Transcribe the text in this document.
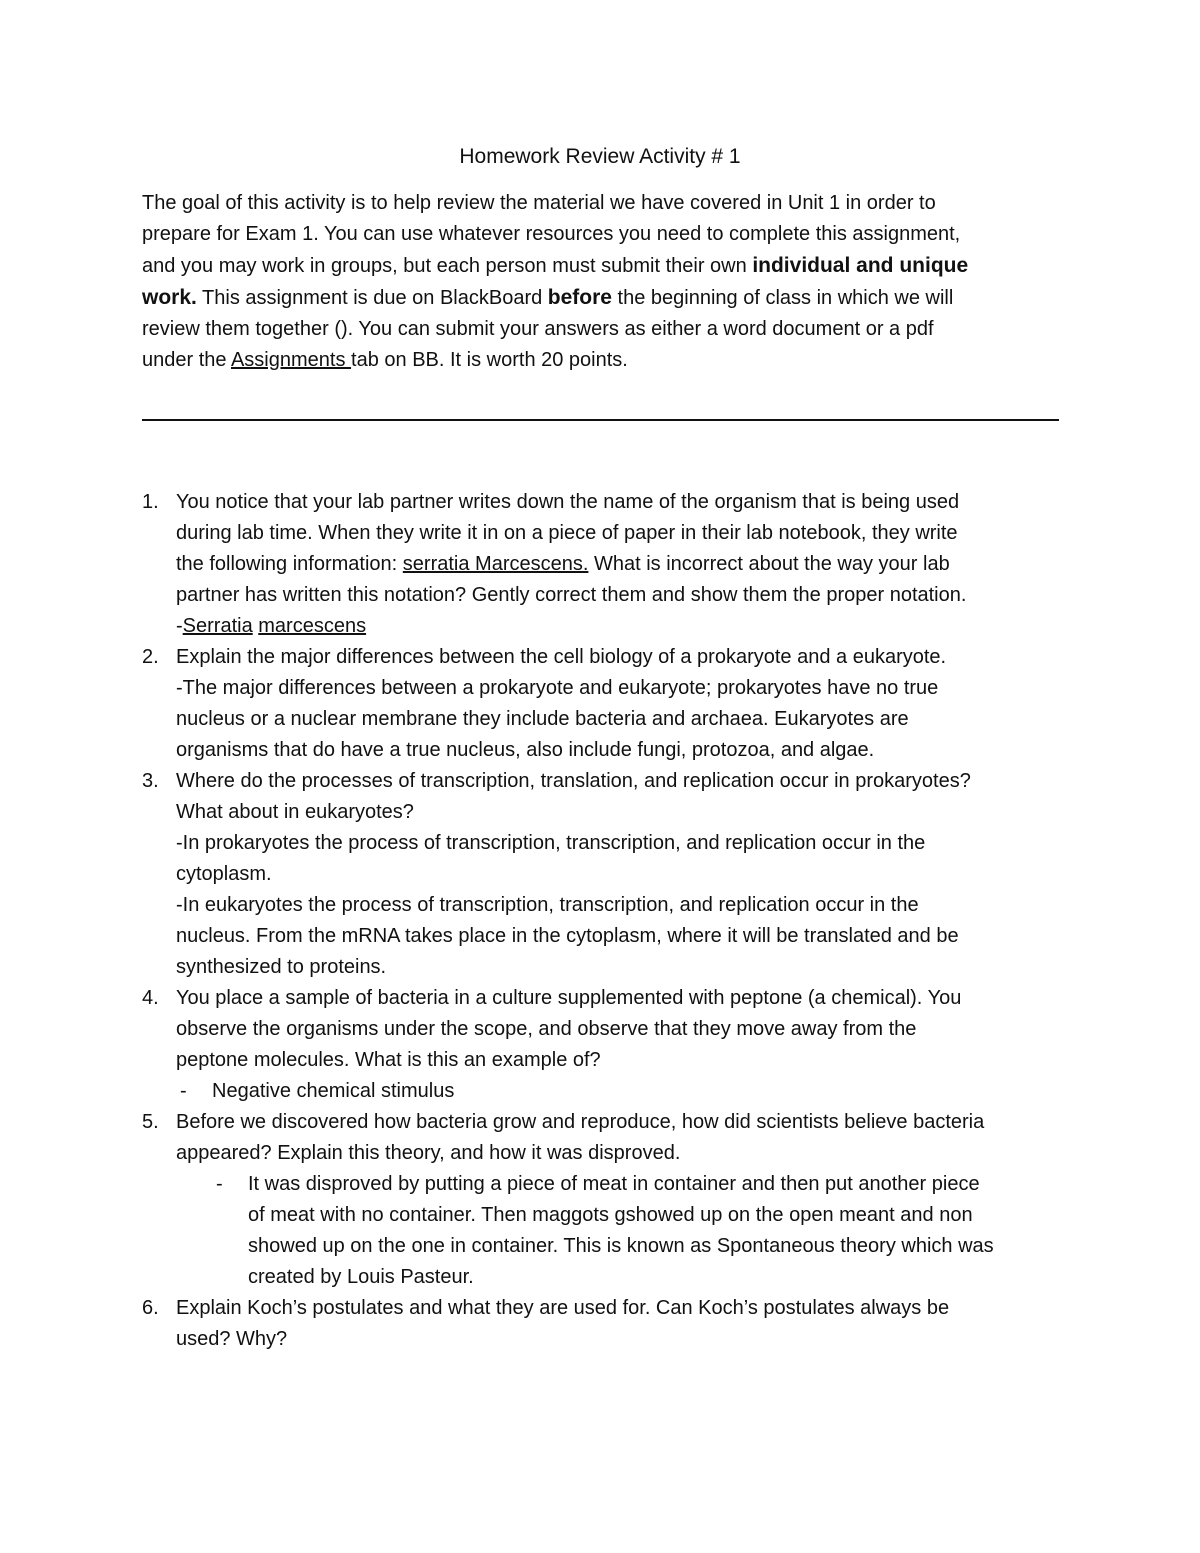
Homework Review Activity # 1

The goal of this activity is to help review the material we have covered in Unit 1 in order to

prepare for Exam 1. You can use whatever resources you need to complete this assignment,

and you may work in groups, but each person must submit their own individual and unique

work. This assignment is due on BlackBoard before the beginning of class in which we will

review them together (). You can submit your answers as either a word document or a pdf

under the Assignments tab on BB. It is worth 20 points.

1. You notice that your lab partner writes down the name of the organism that is being used

during lab time. When they write it in on a piece of paper in their lab notebook, they write

the following information: serratia Marcescens. What is incorrect about the way your lab

partner has written this notation? Gently correct them and show them the proper notation.

-Serratia marcescens

2. Explain the major differences between the cell biology of a prokaryote and a eukaryote.

-The major differences between a prokaryote and eukaryote; prokaryotes have no true

nucleus or a nuclear membrane they include bacteria and archaea. Eukaryotes are

organisms that do have a true nucleus, also include fungi, protozoa, and algae.

3. Where do the processes of transcription, translation, and replication occur in prokaryotes?

What about in eukaryotes?

-In prokaryotes the process of transcription, transcription, and replication occur in the

cytoplasm.

-In eukaryotes the process of transcription, transcription, and replication occur in the

nucleus. From the mRNA takes place in the cytoplasm, where it will be translated and be

synthesized to proteins.

4. You place a sample of bacteria in a culture supplemented with peptone (a chemical). You

observe the organisms under the scope, and observe that they move away from the

peptone molecules. What is this an example of?

- Negative chemical stimulus

5. Before we discovered how bacteria grow and reproduce, how did scientists believe bacteria

appeared? Explain this theory, and how it was disproved.

- It was disproved by putting a piece of meat in container and then put another piece

of meat with no container. Then maggots gshowed up on the open meant and non

showed up on the one in container. This is known as Spontaneous theory which was

created by Louis Pasteur.

6. Explain Koch’s postulates and what they are used for. Can Koch’s postulates always be

used? Why?
